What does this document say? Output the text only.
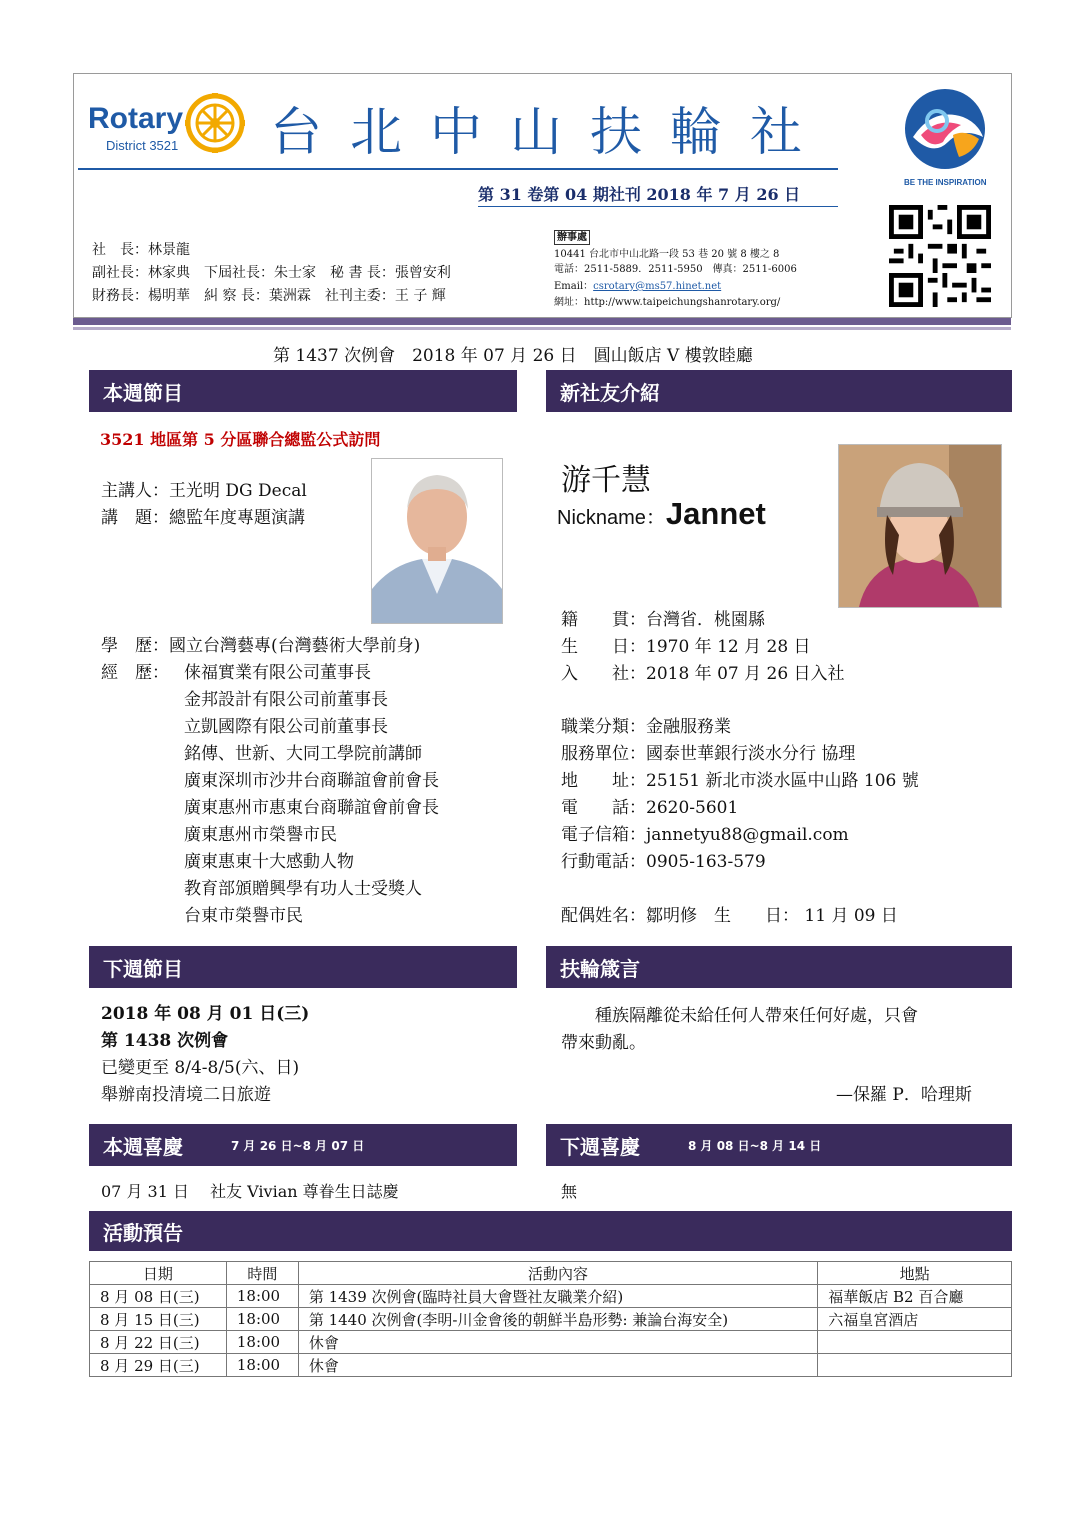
Rotary
District 3521 台北中山扶輪社
第 31 卷第 04 期社刊 2018 年 7 月 26 日
BE THE INSPIRATION
社　長：林景龍
副社長：林家典　下屆社長：朱士家　秘 書 長：張曾安利
財務長：楊明華　糾 察 長：葉洲霖　社刊主委：王 子 輝
辦事處
10441 台北市中山北路一段 53 巷 20 號 8 樓之 8
電話：2511-5889．2511-5950　傳真：2511-6006
Email：csrotary@ms57.hinet.net
網址：http://www.taipeichungshanrotary.org/
第 1437 次例會　2018 年 07 月 26 日　圓山飯店 V 樓敦睦廳
本週節目
3521 地區第 5 分區聯合總監公式訪問
主講人：王光明 DG Decal
講　題：總監年度專題演講
學　歷：國立台灣藝專(台灣藝術大學前身)
經　歷： 俫福實業有限公司董事長
金邦設計有限公司前董事長
立凱國際有限公司前董事長
銘傳、世新、大同工學院前講師
廣東深圳市沙井台商聯誼會前會長
廣東惠州市惠東台商聯誼會前會長
廣東惠州市榮譽市民
廣東惠東十大感動人物
教育部頒贈興學有功人士受獎人
台東市榮譽市民
新社友介紹
游千慧
Nickname：Jannet
籍　　貫：台灣省．桃園縣
生　　日：1970 年 12 月 28 日
入　　社：2018 年 07 月 26 日入社
職業分類：金融服務業
服務單位：國泰世華銀行淡水分行 協理
地　　址：25151 新北市淡水區中山路 106 號
電　　話：2620-5601
電子信箱：jannetyu88@gmail.com
行動電話：0905-163-579
配偶姓名：鄒明修　生　　日： 11 月 09 日
下週節目
2018 年 08 月 01 日(三)
第 1438 次例會
已變更至 8/4-8/5(六、日)
舉辦南投清境二日旅遊
扶輪箴言
　　種族隔離從未給任何人帶來任何好處，只會
帶來動亂。
—保羅 P．哈理斯
本週喜慶	7 月 26 日~8 月 07 日
07 月 31 日　 社友 Vivian 尊眷生日誌慶
下週喜慶	8 月 08 日~8 月 14 日
無
活動預告
日期	時間	活動內容	地點
8 月 08 日(三)	18:00	第 1439 次例會(臨時社員大會暨社友職業介紹)	福華飯店 B2 百合廳
8 月 15 日(三)	18:00	第 1440 次例會(李明-川金會後的朝鮮半島形勢: 兼論台海安全)	六福皇宮酒店
8 月 22 日(三)	18:00	休會	
8 月 29 日(三)	18:00	休會	
